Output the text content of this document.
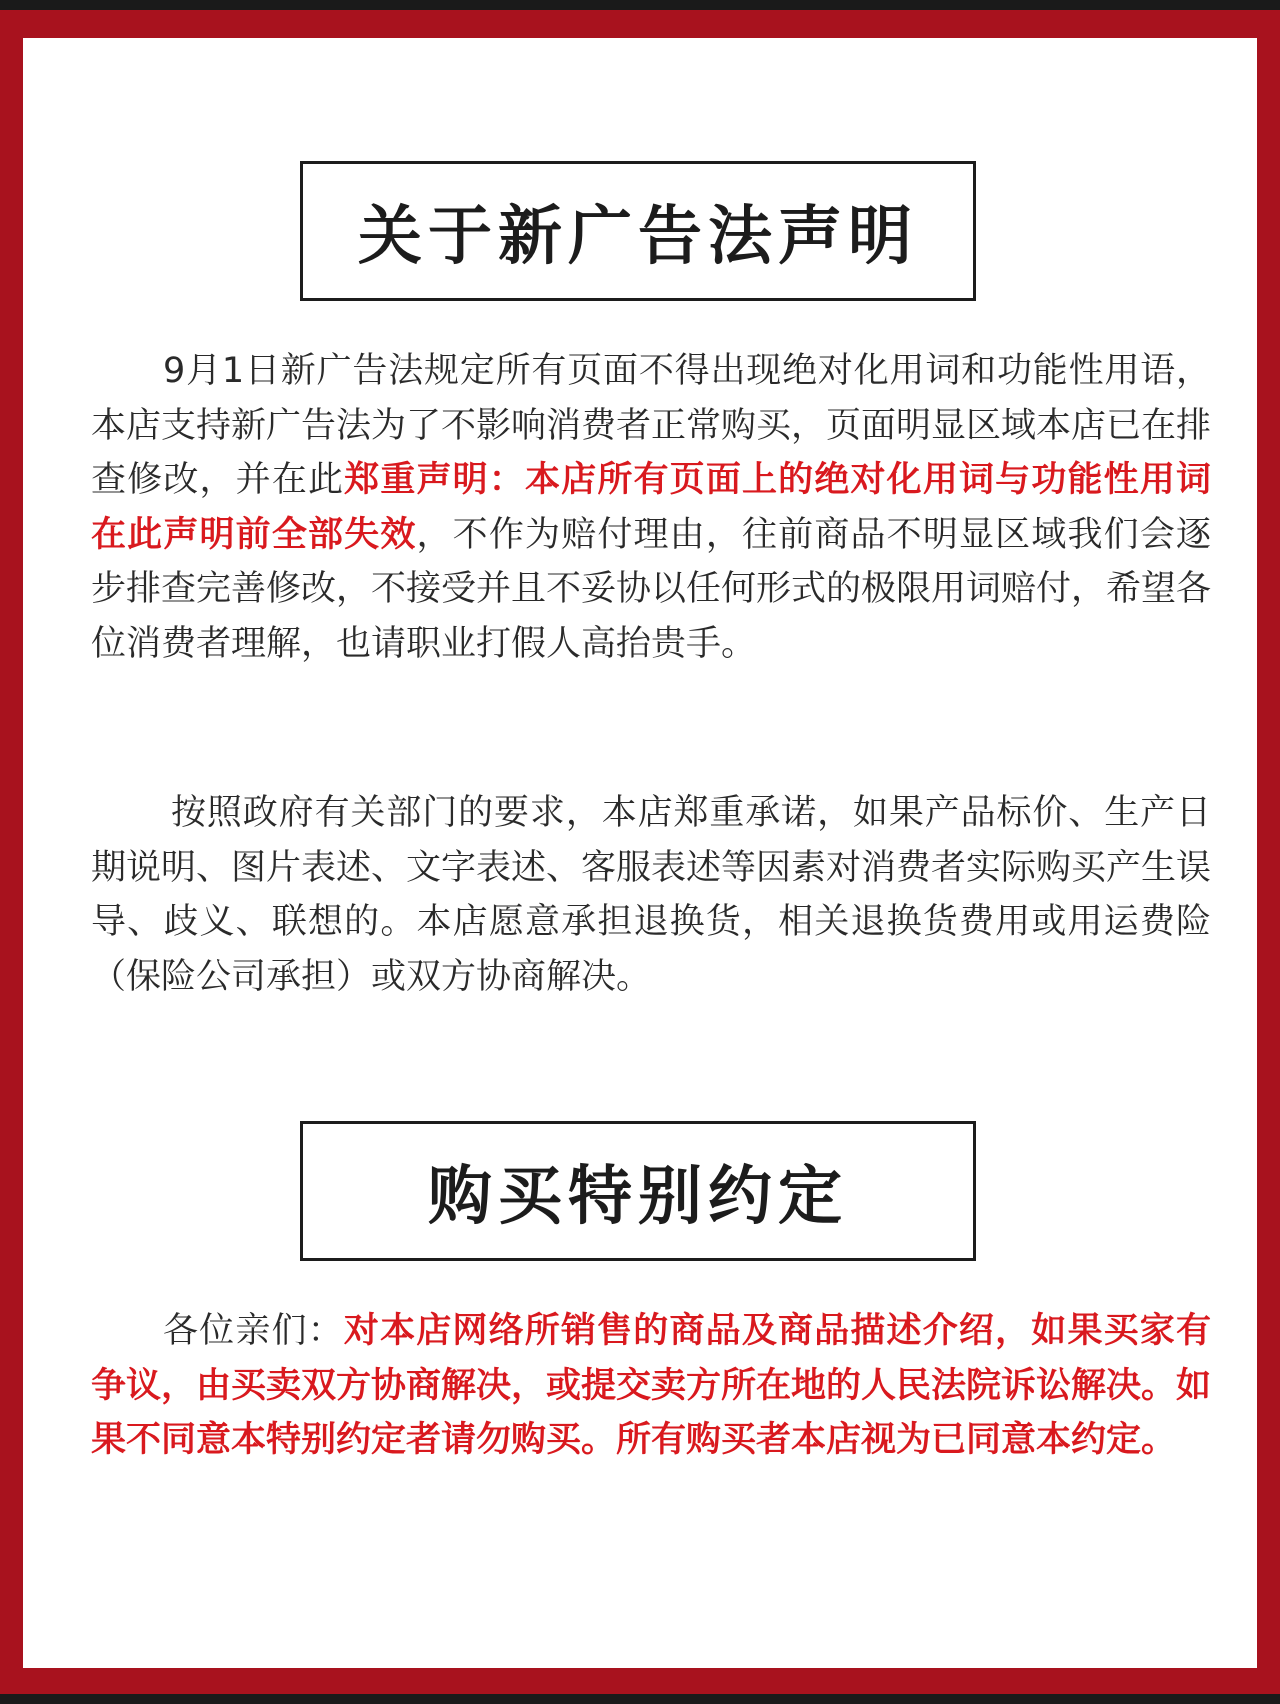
关于新广告法声明

9月1日新广告法规定所有页面不得出现绝对化用词和功能性用语，本店支持新广告法为了不影响消费者正常购买，页面明显区域本店已在排查修改，并在此郑重声明：本店所有页面上的绝对化用词与功能性用词在此声明前全部失效，不作为赔付理由，往前商品不明显区域我们会逐步排查完善修改，不接受并且不妥协以任何形式的极限用词赔付，希望各位消费者理解，也请职业打假人高抬贵手。

按照政府有关部门的要求，本店郑重承诺，如果产品标价、生产日期说明、图片表述、文字表述、客服表述等因素对消费者实际购买产生误导、歧义、联想的。本店愿意承担退换货，相关退换货费用或用运费险（保险公司承担）或双方协商解决。

购买特别约定

各位亲们：对本店网络所销售的商品及商品描述介绍，如果买家有争议，由买卖双方协商解决，或提交卖方所在地的人民法院诉讼解决。如果不同意本特别约定者请勿购买。所有购买者本店视为已同意本约定。
